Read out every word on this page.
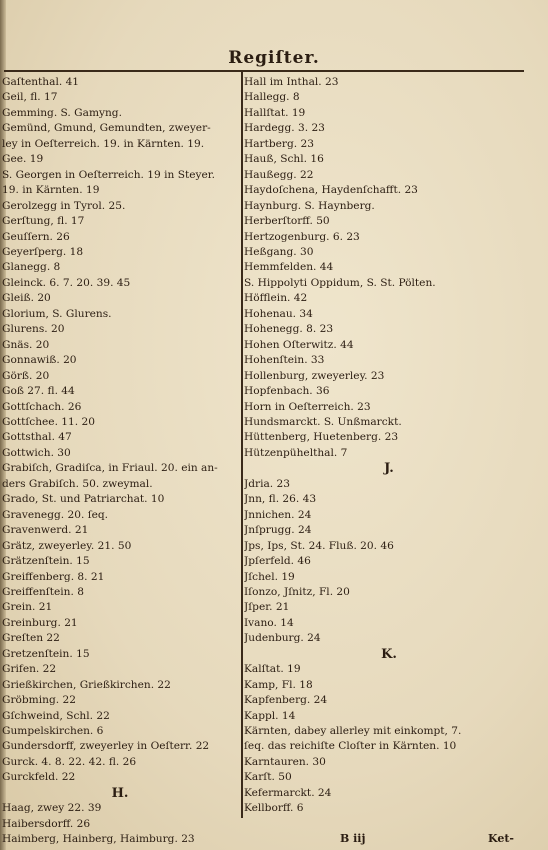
Regiſter.
Gaſtenthal. 41
Geil, fl. 17
Gemming. S. Gamyng.
Gemünd, Gmund, Gemundten, zweyer-
ley in Oeſterreich. 19. in Kärnten. 19.
Gee. 19
S. Georgen in Oeſterreich. 19 in Steyer.
19. in Kärnten. 19
Gerolzegg in Tyrol. 25.
Gerſtung, fl. 17
Geuſſern. 26
Geyerſperg. 18
Glanegg. 8
Gleinck. 6. 7. 20. 39. 45
Gleiß. 20
Glorium, S. Glurens.
Glurens. 20
Gnäs. 20
Gonnawiß. 20
Görß. 20
Goß 27. fl. 44
Gottſchach. 26
Gottſchee. 11. 20
Gottsthal. 47
Gottwich. 30
Grabiſch, Gradiſca, in Friaul. 20. ein an-
ders Grabiſch. 50. zweymal.
Grado, St. und Patriarchat. 10
Gravenegg. 20. ſeq.
Gravenwerd. 21
Grätz, zweyerley. 21. 50
Grätzenſtein. 15
Greiffenberg. 8. 21
Greiffenſtein. 8
Grein. 21
Greinburg. 21
Greſten 22
Gretzenſtein. 15
Grifen. 22
Grießkirchen, Grießkirchen. 22
Gröbming. 22
Gſchweind, Schl. 22
Gumpelskirchen. 6
Gundersdorff, zweyerley in Oeſterr. 22
Gurck. 4. 8. 22. 42. fl. 26
Gurckfeld. 22
H.
Haag, zwey 22. 39
Haibersdorff. 26
Haimberg, Hainberg, Haimburg. 23
Hall im Inthal. 23
Hallegg. 8
Hallſtat. 19
Hardegg. 3. 23
Hartberg. 23
Hauß, Schl. 16
Haußegg. 22
Haydoſchena, Haydenſchafft. 23
Haynburg. S. Haynberg.
Herberſtorff. 50
Hertzogenburg. 6. 23
Heßgang. 30
Hemmfelden. 44
S. Hippolyti Oppidum, S. St. Pölten.
Höfflein. 42
Hohenau. 34
Hohenegg. 8. 23
Hohen Oſterwitz. 44
Hohenſtein. 33
Hollenburg, zweyerley. 23
Hopfenbach. 36
Horn in Oeſterreich. 23
Hundsmarckt. S. Unßmarckt.
Hüttenberg, Huetenberg. 23
Hützenpühelthal. 7
J.
Jdria. 23
Jnn, fl. 26. 43
Jnnichen. 24
Jnſprugg. 24
Jps, Ips, St. 24. Fluß. 20. 46
Jpſerfeld. 46
Jſchel. 19
Iſonzo, Jſnitz, Fl. 20
Jſper. 21
Ivano. 14
Judenburg. 24
K.
Kalſtat. 19
Kamp, Fl. 18
Kapfenberg. 24
Kappl. 14
Kärnten, dabey allerley mit einkompt, 7.
ſeq. das reichiſte Cloſter in Kärnten. 10
Karntauren. 30
Karſt. 50
Kefermarckt. 24
Kellborff. 6
B iij	Ket-
